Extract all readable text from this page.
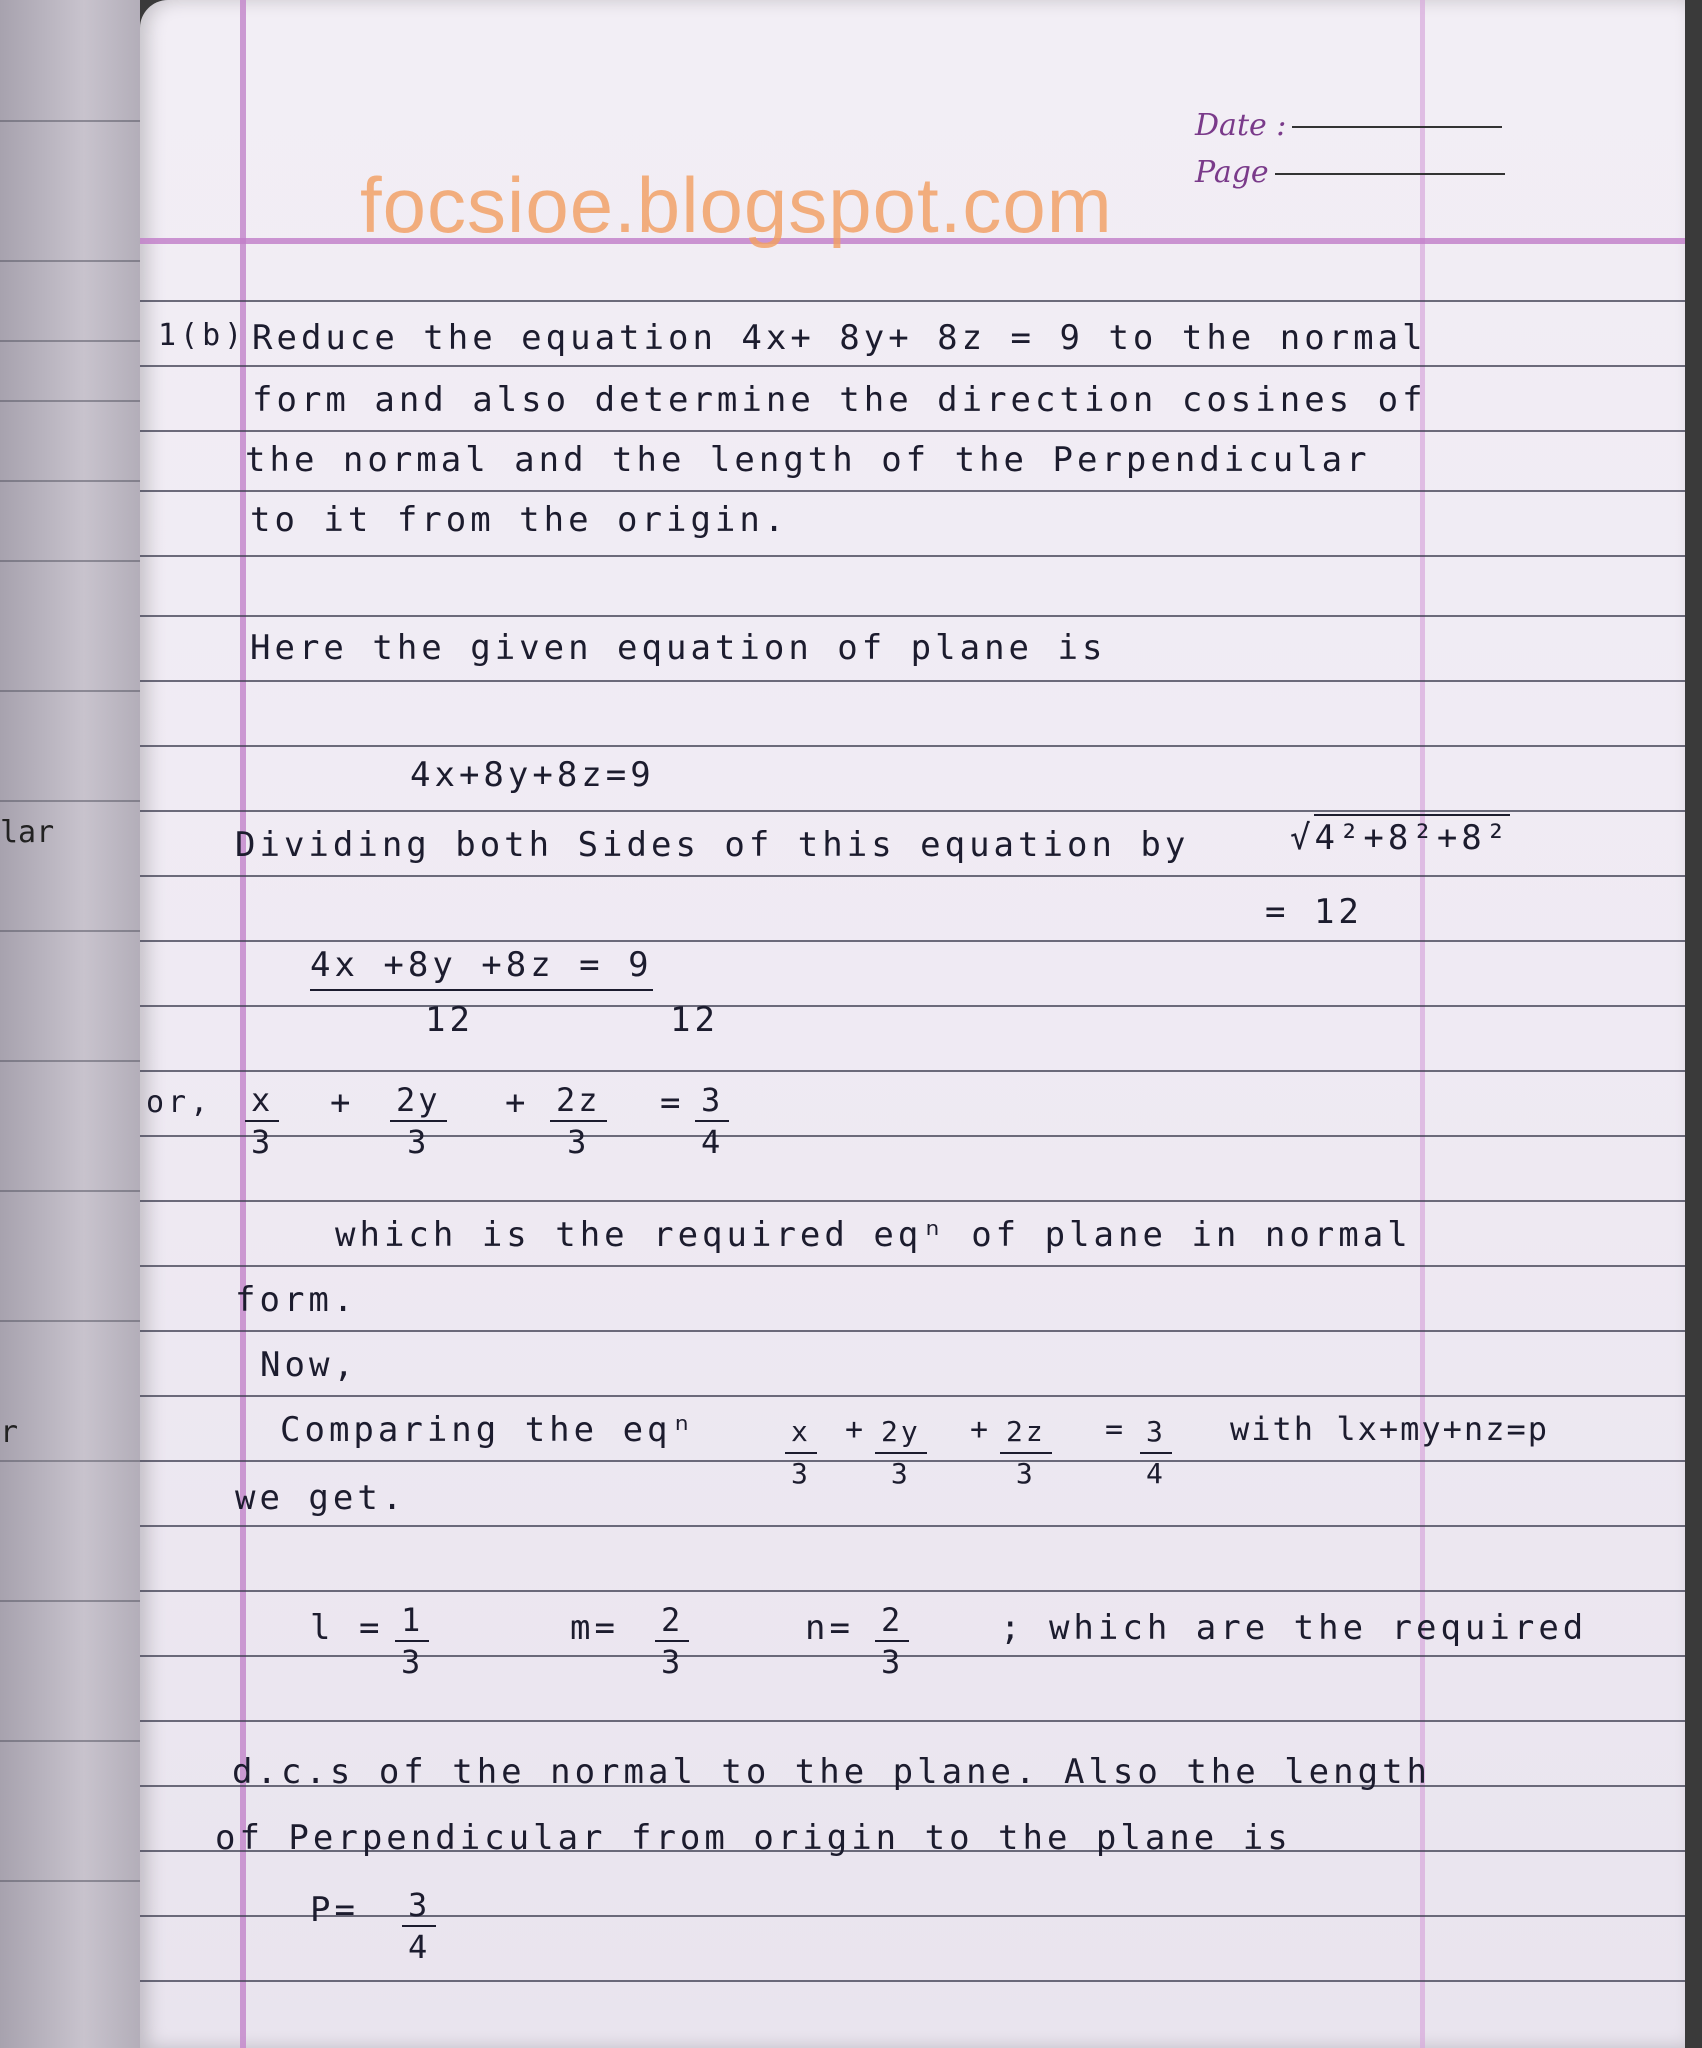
lar
r
Date :
Page
focsioe.blogspot.com
1(b) Reduce the equation 4x+ 8y+ 8z = 9 to the normal
form and also determine the direction cosines of
the normal and the length of the Perpendicular
to it from the origin.
Here the given equation of plane is
4x+8y+8z=9
Dividing both Sides of this equation by	√4²+8²+8²
= 12
4x +8y +8z = 9
12	12
or, $\frac{x}{3} + \frac{2y}{3} + \frac{2z}{3} = \frac{3}{4}$
which is the required eqⁿ of plane in normal
form.
Now,
Comparing the eqⁿ	$\frac{x}{3} + \frac{2y}{3} + \frac{2z}{3} = \frac{3}{4}$ with lx+my+nz=p
we get.
$l = \frac{1}{3}$	$m= \frac{2}{3}$	$n= \frac{2}{3}$	; which are the required
d.c.s of the normal to the plane. Also the length
of Perpendicular from origin to the plane is
$P= \frac{3}{4}$
